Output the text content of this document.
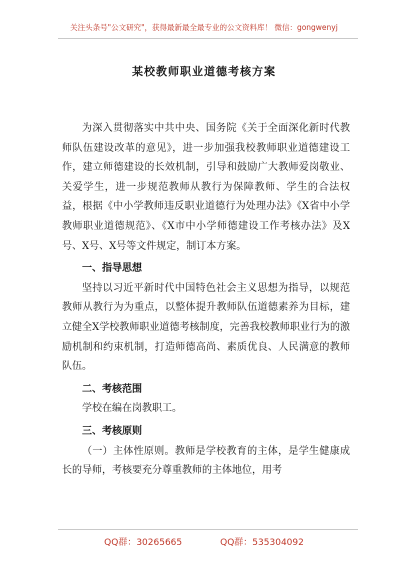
关注头条号"公文研究"，获得最新最全最专业的公文资料库！ 微信：gongwenyj
某校教师职业道德考核方案

为深入贯彻落实中共中央、国务院《关于全面深化新时代教师队伍建设改革的意见》，进一步加强我校教师职业道德建设工作，建立师德建设的长效机制，引导和鼓励广大教师爱岗敬业、关爱学生，进一步规范教师从教行为保障教师、学生的合法权益，根据《中小学教师违反职业道德行为处理办法》《X省中小学教师职业道德规范》、《X市中小学师德建设工作考核办法》及X号、X号、X号等文件规定，制订本方案。

一、指导思想

坚持以习近平新时代中国特色社会主义思想为指导，以规范教师从教行为为重点，以整体提升教师队伍道德素养为目标，建立健全X学校教师职业道德考核制度，完善我校教师职业行为的激励机制和约束机制，打造师德高尚、素质优良、人民满意的教师队伍。

二、考核范围

学校在编在岗教职工。

三、考核原则

（一）主体性原则。教师是学校教育的主体，是学生健康成长的导师，考核要充分尊重教师的主体地位，用考

QQ群：30265665	QQ群：535304092
